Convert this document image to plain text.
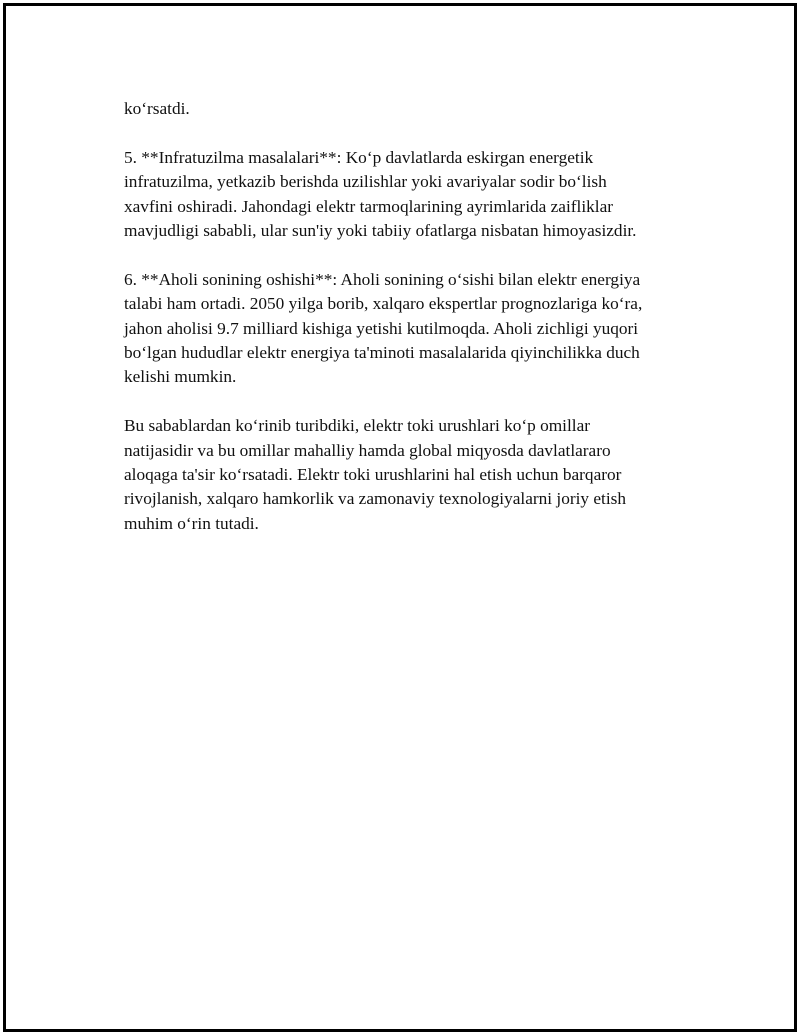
ko‘rsatdi.

5. **Infratuzilma masalalari**: Ko‘p davlatlarda eskirgan energetik
infratuzilma, yetkazib berishda uzilishlar yoki avariyalar sodir bo‘lish
xavfini oshiradi. Jahondagi elektr tarmoqlarining ayrimlarida zaifliklar
mavjudligi sababli, ular sun'iy yoki tabiiy ofatlarga nisbatan himoyasizdir.

6. **Aholi sonining oshishi**: Aholi sonining o‘sishi bilan elektr energiya
talabi ham ortadi. 2050 yilga borib, xalqaro ekspertlar prognozlariga ko‘ra,
jahon aholisi 9.7 milliard kishiga yetishi kutilmoqda. Aholi zichligi yuqori
bo‘lgan hududlar elektr energiya ta'minoti masalalarida qiyinchilikka duch
kelishi mumkin.

Bu sabablardan ko‘rinib turibdiki, elektr toki urushlari ko‘p omillar
natijasidir va bu omillar mahalliy hamda global miqyosda davlatlararo
aloqaga ta'sir ko‘rsatadi. Elektr toki urushlarini hal etish uchun barqaror
rivojlanish, xalqaro hamkorlik va zamonaviy texnologiyalarni joriy etish
muhim o‘rin tutadi.
